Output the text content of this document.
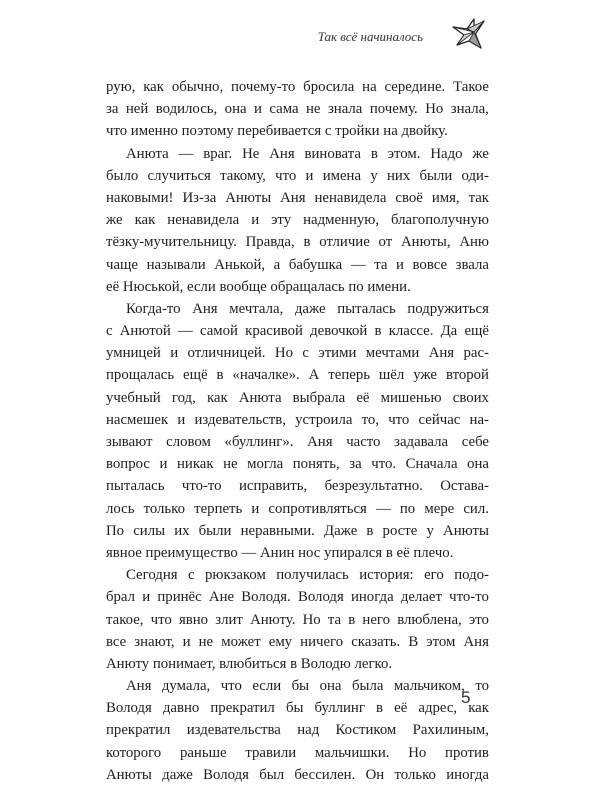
Так всё начиналось
рую, как обычно, почему-то бросила на середине. Такое
за ней водилось, она и сама не знала почему. Но знала,
что именно поэтому перебивается с тройки на двойку.
Анюта — враг. Не Аня виновата в этом. Надо же
было случиться такому, что и имена у них были оди-
наковыми! Из-за Анюты Аня ненавидела своё имя, так
же как ненавидела и эту надменную, благополучную
тёзку-мучительницу. Правда, в отличие от Анюты, Аню
чаще называли Анькой, а бабушка — та и вовсе звала
её Нюськой, если вообще обращалась по имени.
Когда-то Аня мечтала, даже пыталась подружиться
с Анютой — самой красивой девочкой в классе. Да ещё
умницей и отличницей. Но с этими мечтами Аня рас-
прощалась ещё в «началке». А теперь шёл уже второй
учебный год, как Анюта выбрала её мишенью своих
насмешек и издевательств, устроила то, что сейчас на-
зывают словом «буллинг». Аня часто задавала себе
вопрос и никак не могла понять, за что. Сначала она
пыталась что-то исправить, безрезультатно. Остава-
лось только терпеть и сопротивляться — по мере сил.
По силы их были неравными. Даже в росте у Анюты
явное преимущество — Анин нос упирался в её плечо.
Сегодня с рюкзаком получилась история: его подо-
брал и принёс Ане Володя. Володя иногда делает что-то
такое, что явно злит Анюту. Но та в него влюблена, это
все знают, и не может ему ничего сказать. В этом Аня
Анюту понимает, влюбиться в Володю легко.
Аня думала, что если бы она была мальчиком, то
Володя давно прекратил бы буллинг в её адрес, как
прекратил издевательства над Костиком Рахилиным,
которого раньше травили мальчишки. Но против
Анюты даже Володя был бессилен. Он только иногда
5
